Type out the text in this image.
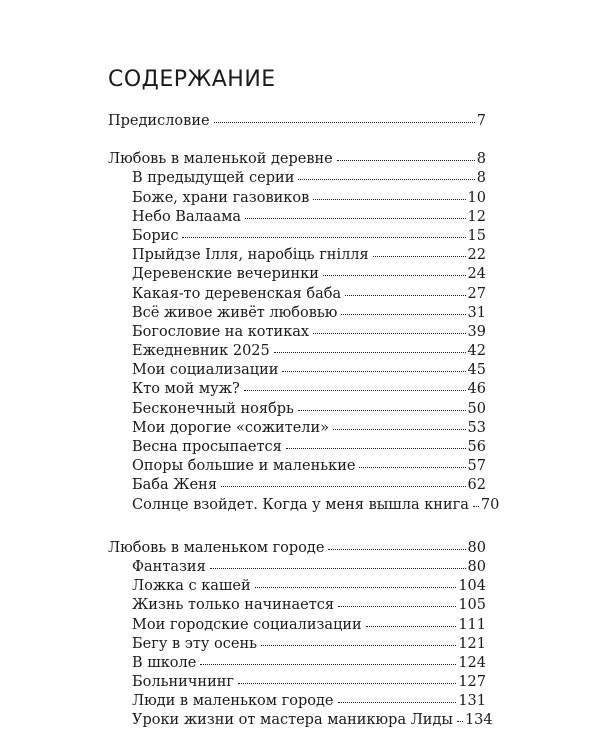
СОДЕРЖАНИЕ
Предисловие	7
Любовь в маленькой деревне	8
В предыдущей серии	8
Боже, храни газовиков	10
Небо Валаама	12
Борис	15
Прыйдзе Ілля, наробіць гнілля	22
Деревенские вечеринки	24
Какая-то деревенская баба	27
Всё живое живёт любовью	31
Богословие на котиках	39
Ежедневник 2025	42
Мои социализации	45
Кто мой муж?	46
Бесконечный ноябрь	50
Мои дорогие «сожители»	53
Весна просыпается	56
Опоры большие и маленькие	57
Баба Женя	62
Солнце взойдет. Когда у меня вышла книга 70
Любовь в маленьком городе	80
Фантазия	80
Ложка с кашей	104
Жизнь только начинается	105
Мои городские социализации	111
Бегу в эту осень	121
В школе	124
Больничнинг	127
Люди в маленьком городе	131
Уроки жизни от мастера маникюра Лиды 134
